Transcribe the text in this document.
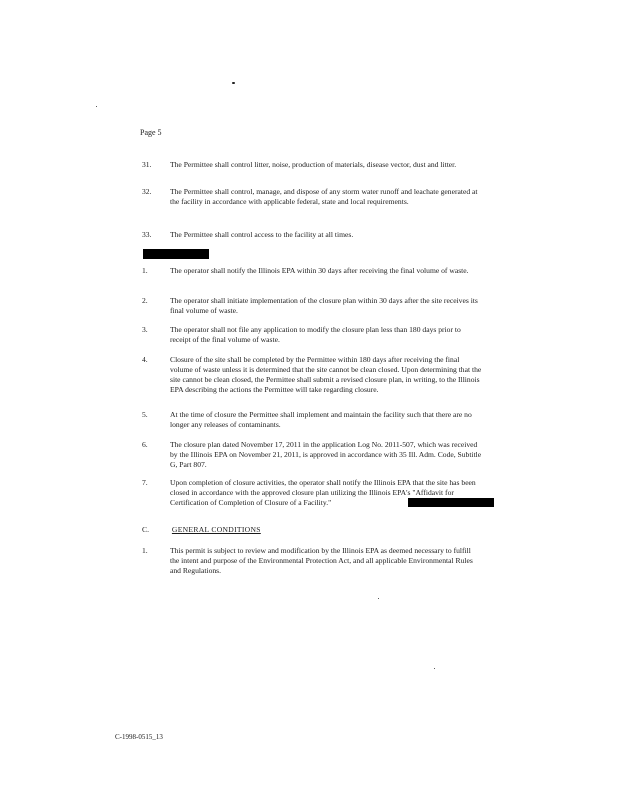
Page 5
31.	The Permittee shall control litter, noise, production of materials, disease vector, dust and litter.
32.	The Permittee shall control, manage, and dispose of any storm water runoff and leachate generated at the facility in accordance with applicable federal, state and local requirements.
33.	The Permittee shall control access to the facility at all times.
1.	The operator shall notify the Illinois EPA within 30 days after receiving the final volume of waste.
2.	The operator shall initiate implementation of the closure plan within 30 days after the site receives its final volume of waste.
3.	The operator shall not file any application to modify the closure plan less than 180 days prior to receipt of the final volume of waste.
4.	Closure of the site shall be completed by the Permittee within 180 days after receiving the final volume of waste unless it is determined that the site cannot be clean closed. Upon determining that the site cannot be clean closed, the Permittee shall submit a revised closure plan, in writing, to the Illinois EPA describing the actions the Permittee will take regarding closure.
5.	At the time of closure the Permittee shall implement and maintain the facility such that there are no longer any releases of contaminants.
6.	The closure plan dated November 17, 2011 in the application Log No. 2011-507, which was received by the Illinois EPA on November 21, 2011, is approved in accordance with 35 Ill. Adm. Code, Subtitle G, Part 807.
7.	Upon completion of closure activities, the operator shall notify the Illinois EPA that the site has been closed in accordance with the approved closure plan utilizing the Illinois EPA's "Affidavit for Certification of Completion of Closure of a Facility."
C.	GENERAL CONDITIONS
1.	This permit is subject to review and modification by the Illinois EPA as deemed necessary to fulfill the intent and purpose of the Environmental Protection Act, and all applicable Environmental Rules and Regulations.
C-1998-0515_13
